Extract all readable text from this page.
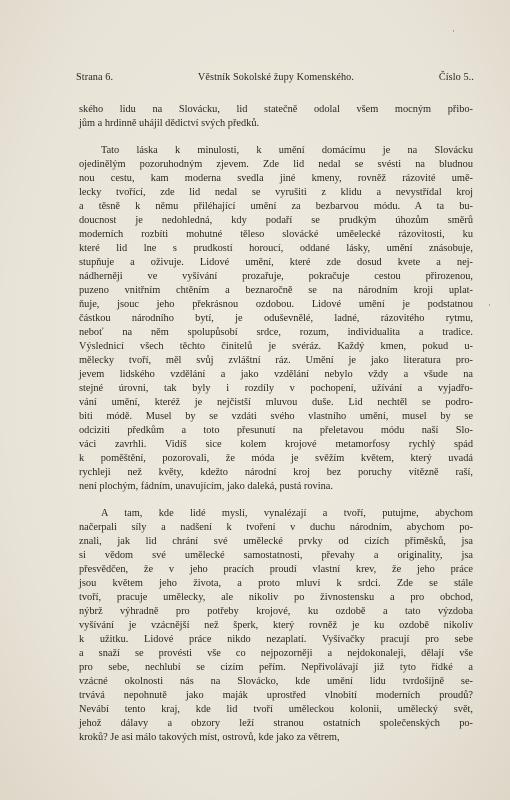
Strana 6.	Věstník Sokolské župy Komenského.	Číslo 5..

ského lidu na Slovácku, lid statečně odolal všem mocným přibo-

jům a hrdinně uhájil dědictví svých předků.

Tato láska k minulosti, k umění domácímu je na Slovácku

ojedinělým pozoruhodným zjevem. Zde lid nedal se svésti na bludnou

nou cestu, kam moderna svedla jiné kmeny, rovněž rázovité umě-

lecky tvořící, zde lid nedal se vyrušiti z klidu a nevystřídal kroj

a těsně k němu přiléhající umění za bezbarvou módu. A ta bu-

doucnost je nedohledná, kdy podaří se prudkým úhozům směrů

moderních rozbíti mohutné těleso slovácké uměelecké rázovitosti, ku

které lid lne s prudkostí horoucí, oddané lásky, umění znásobuje,

stupňuje a oživuje. Lidové umění, které zde dosud kvete a nej-

nádherněji ve vyšívání prozařuje, pokračuje cestou přirozenou,

puzeno vnitřním chtěním a beznaročně se na národním kroji uplat-

ňuje, jsouc jeho překrásnou ozdobou. Lidové umění je podstatnou

částkou národního bytí, je oduševnělé, ladné, rázovitého rytmu,

neboť na něm spolupůsobí srdce, rozum, individualita a tradice.

Výslednicí všech těchto činitelů je svéráz. Každý kmen, pokud u-

mělecky tvoří, měl svůj zvláštní ráz. Umění je jako literatura pro-

jevem lidského vzdělání a jako vzdělání nebylo vždy a všude na

stejné úrovni, tak byly i rozdíly v pochopení, užívání a vyjadřo-

vání umění, kteréž je nejčistší mluvou duše. Lid nechtěl se podro-

biti módě. Musel by se vzdáti svého vlastního umění, musel by se

odciziti předkům a toto přesunutí na přeletavou módu naší Slo-

váci zavrhli. Vidíš sice kolem krojové metamorfosy rychlý spád

k poměštění, pozorovali, že móda je svěžím květem, který uvadá

rychleji než květy, kdežto národní kroj bez poruchy vítězně raší,

není plochým, fádním, unavujícím, jako daleká, pustá rovina.

A tam, kde lidé myslí, vynalézají a tvoří, putujme, abychom

načerpali síly a nadšení k tvoření v duchu národním, abychom po-

znali, jak lid chrání své umělecké prvky od cizích přiměsků, jsa

si vědom své umělecké samostatnosti, převahy a originality, jsa

přesvědčen, že v jeho pracích proudí vlastní krev, že jeho práce

jsou květem jeho života, a proto mluví k srdci. Zde se stále

tvoří, pracuje umělecky, ale nikoliv po živnostensku a pro obchod,

nýbrž výhradně pro potřeby krojové, ku ozdobě a tato výzdoba

vyšívání je vzácnější než šperk, který rovněž je ku ozdobě nikoliv

k užitku. Lidové práce nikdo nezaplatí. Vyšívačky pracují pro sebe

a snaží se provésti vše co nejpozorněji a nejdokonaleji, dělají vše

pro sebe, nechlubí se cizím peřím. Nepřivolávají již tyto řídké a

vzácné okolnosti nás na Slovácko, kde umění lidu tvrdošíjně se-

trvává nepohnutě jako maják uprostřed vlnobití moderních proudů?

Nevábí tento kraj, kde lid tvoří uměleckou kolonii, umělecký svět,

jehož dálavy a obzory leží stranou ostatních společenských po-

kroků? Je asi málo takových míst, ostrovů, kde jako za větrem,

·
·
